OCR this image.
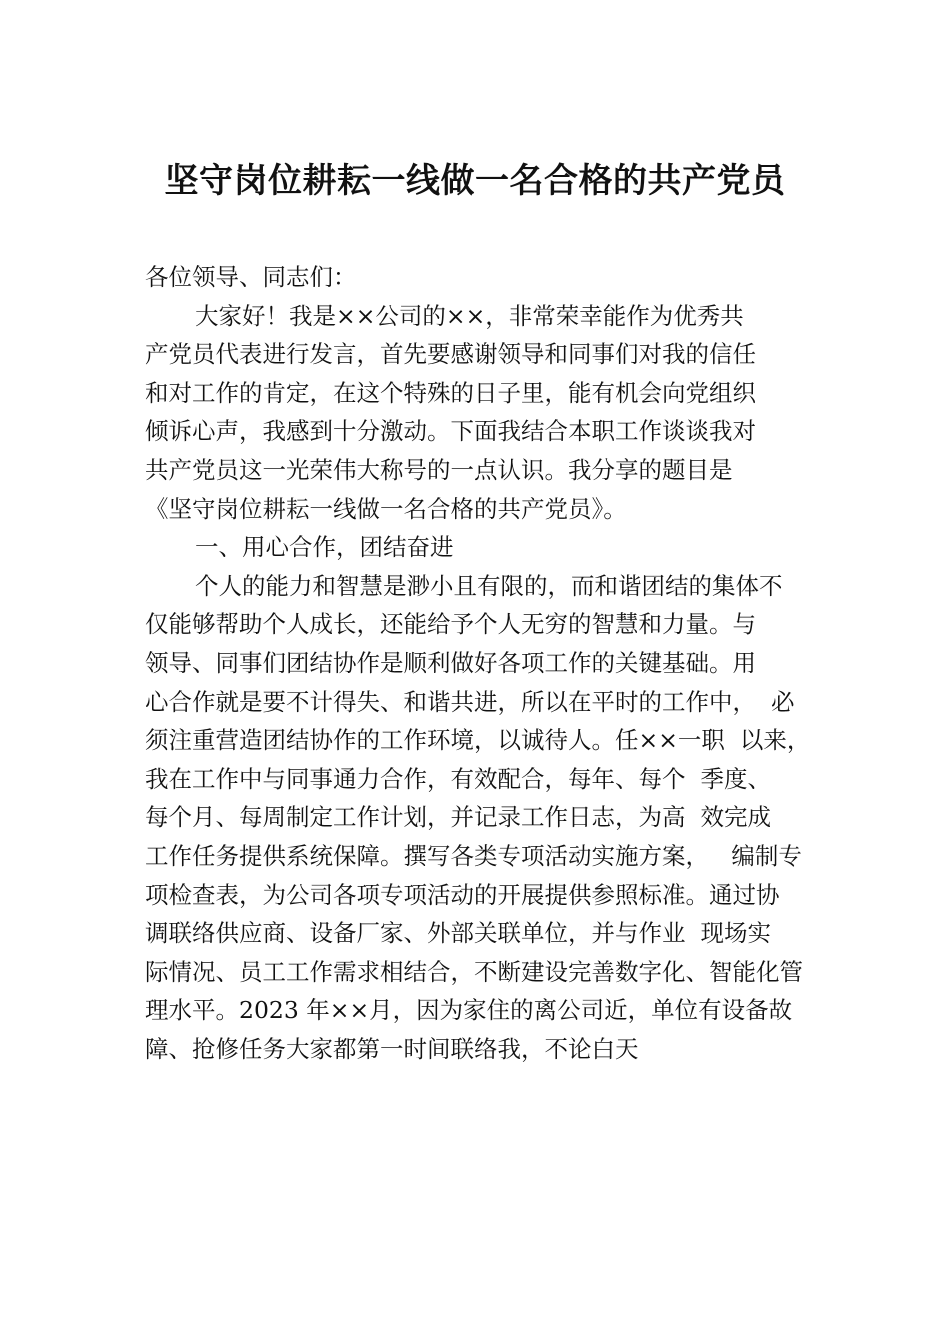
坚守岗位耕耘一线做一名合格的共产党员
各位领导、同志们：
大家好！我是××公司的××，非常荣幸能作为优秀共
产党员代表进行发言，首先要感谢领导和同事们对我的信任
和对工作的肯定，在这个特殊的日子里，能有机会向党组织
倾诉心声，我感到十分激动。下面我结合本职工作谈谈我对
共产党员这一光荣伟大称号的一点认识。我分享的题目是
《坚守岗位耕耘一线做一名合格的共产党员》。
一、用心合作，团结奋进
个人的能力和智慧是渺小且有限的，而和谐团结的集体不
仅能够帮助个人成长，还能给予个人无穷的智慧和力量。与
领导、同事们团结协作是顺利做好各项工作的关键基础。用
心合作就是要不计得失、和谐共进，所以在平时的工作中，  必
须注重营造团结协作的工作环境，以诚待人。任××一职  以来，
我在工作中与同事通力合作，有效配合，每年、每个  季度、
每个月、每周制定工作计划，并记录工作日志，为高  效完成
工作任务提供系统保障。撰写各类专项活动实施方案，   编制专
项检查表，为公司各项专项活动的开展提供参照标准。通过协
调联络供应商、设备厂家、外部关联单位，并与作业  现场实
际情况、员工工作需求相结合，不断建设完善数字化、智能化管
理水平。2023 年××月，因为家住的离公司近，单位有设备故
障、抢修任务大家都第一时间联络我，不论白天
